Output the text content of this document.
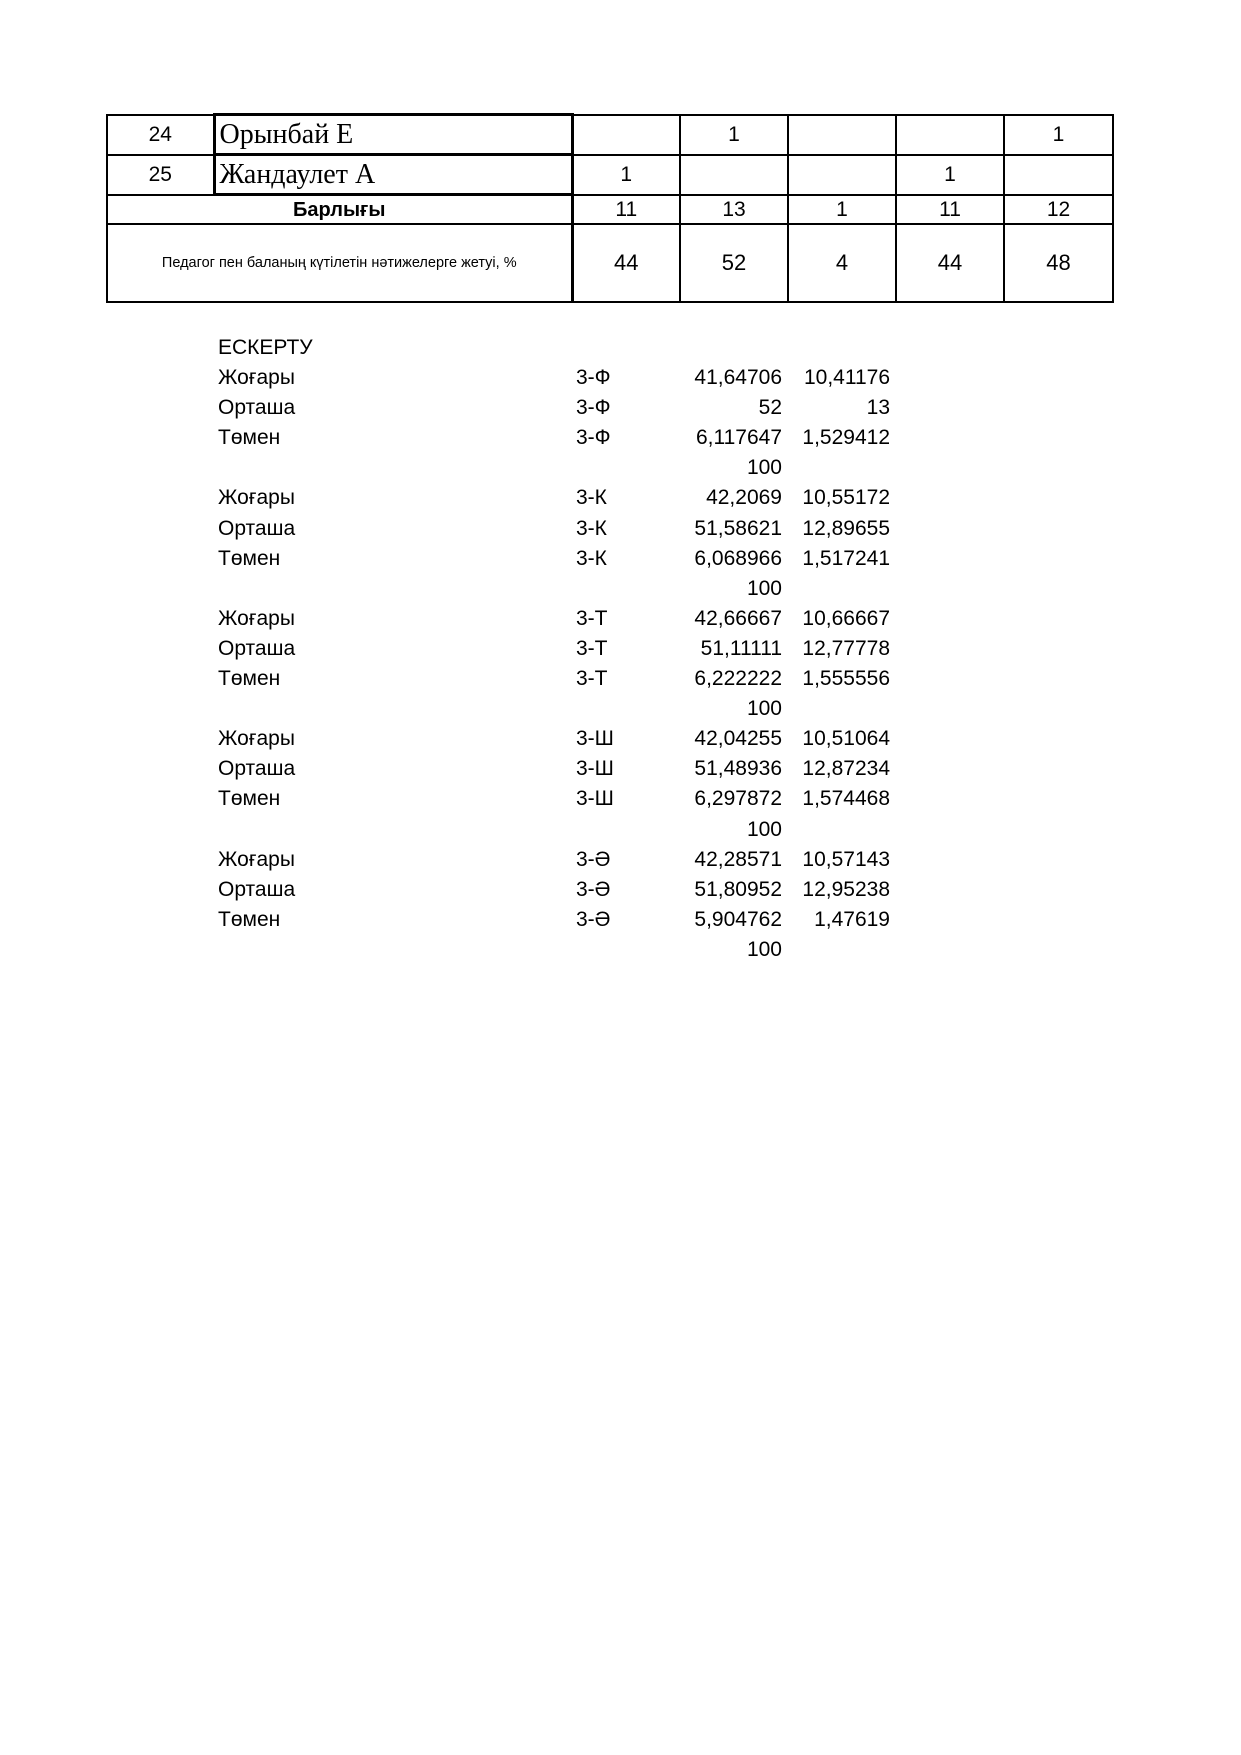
24	Орынбай Е		1			1
25	Жандаулет А	1			1	
Барлығы		11	13	1	11	12
Педагог пен баланың күтілетін нәтижелерге жетуі, %		44	52	4	44	48
ЕСКЕРТУ
Жоғары	3-Ф	41,64706	10,41176
Орташа	3-Ф	52	13
Төмен	3-Ф	6,117647 1,529412
100
Жоғары	3-К	42,2069 10,55172
Орташа	3-К	51,58621 12,89655
Төмен	3-К	6,068966 1,517241
100
Жоғары	3-Т	42,66667 10,66667
Орташа	3-Т	51,11111 12,77778
Төмен	3-Т	6,222222 1,555556
100
Жоғары	3-Ш	42,04255 10,51064
Орташа	3-Ш	51,48936 12,87234
Төмен	3-Ш	6,297872 1,574468
100
Жоғары	3-Ә	42,28571 10,57143
Орташа	3-Ә	51,80952 12,95238
Төмен	3-Ә	5,904762	1,47619
100
